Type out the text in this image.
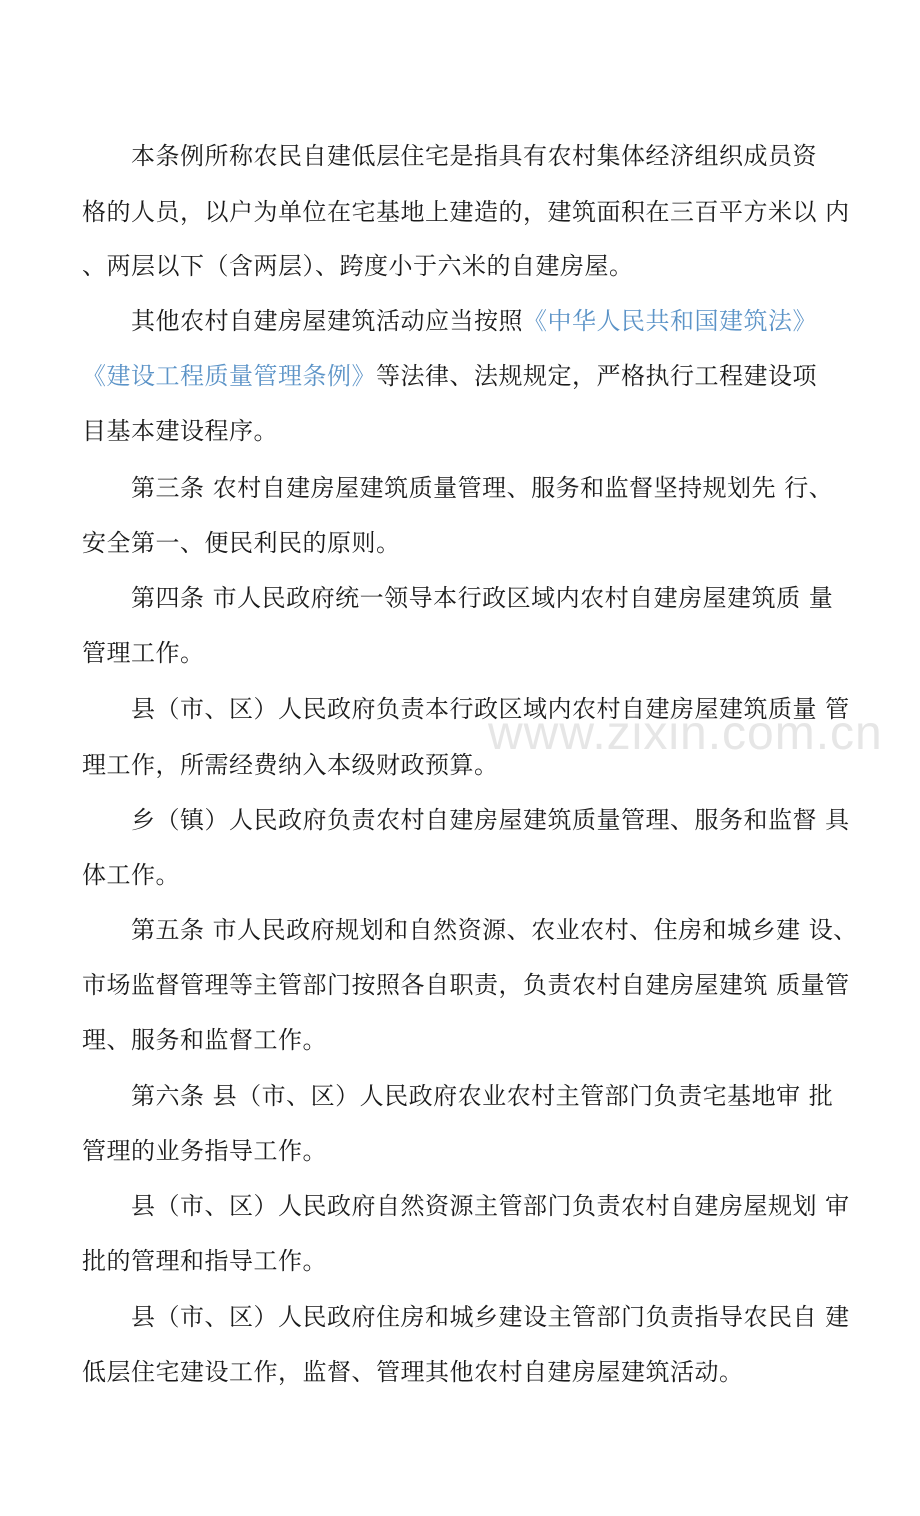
www.zixin.com.cn
本条例所称农民自建低层住宅是指具有农村集体经济组织成员资
格的人员，以户为单位在宅基地上建造的，建筑面积在三百平方米以 内
、两层以下（含两层）、跨度小于六米的自建房屋。
其他农村自建房屋建筑活动应当按照《中华人民共和国建筑法》
《建设工程质量管理条例》等法律、法规规定，严格执行工程建设项
目基本建设程序。
第三条 农村自建房屋建筑质量管理、服务和监督坚持规划先 行、
安全第一、便民利民的原则。
第四条 市人民政府统一领导本行政区域内农村自建房屋建筑质 量
管理工作。
县（市、区）人民政府负责本行政区域内农村自建房屋建筑质量 管
理工作，所需经费纳入本级财政预算。
乡（镇）人民政府负责农村自建房屋建筑质量管理、服务和监督 具
体工作。
第五条 市人民政府规划和自然资源、农业农村、住房和城乡建 设、
市场监督管理等主管部门按照各自职责，负责农村自建房屋建筑 质量管
理、服务和监督工作。
第六条 县（市、区）人民政府农业农村主管部门负责宅基地审 批
管理的业务指导工作。
县（市、区）人民政府自然资源主管部门负责农村自建房屋规划 审
批的管理和指导工作。
县（市、区）人民政府住房和城乡建设主管部门负责指导农民自 建
低层住宅建设工作，监督、管理其他农村自建房屋建筑活动。
